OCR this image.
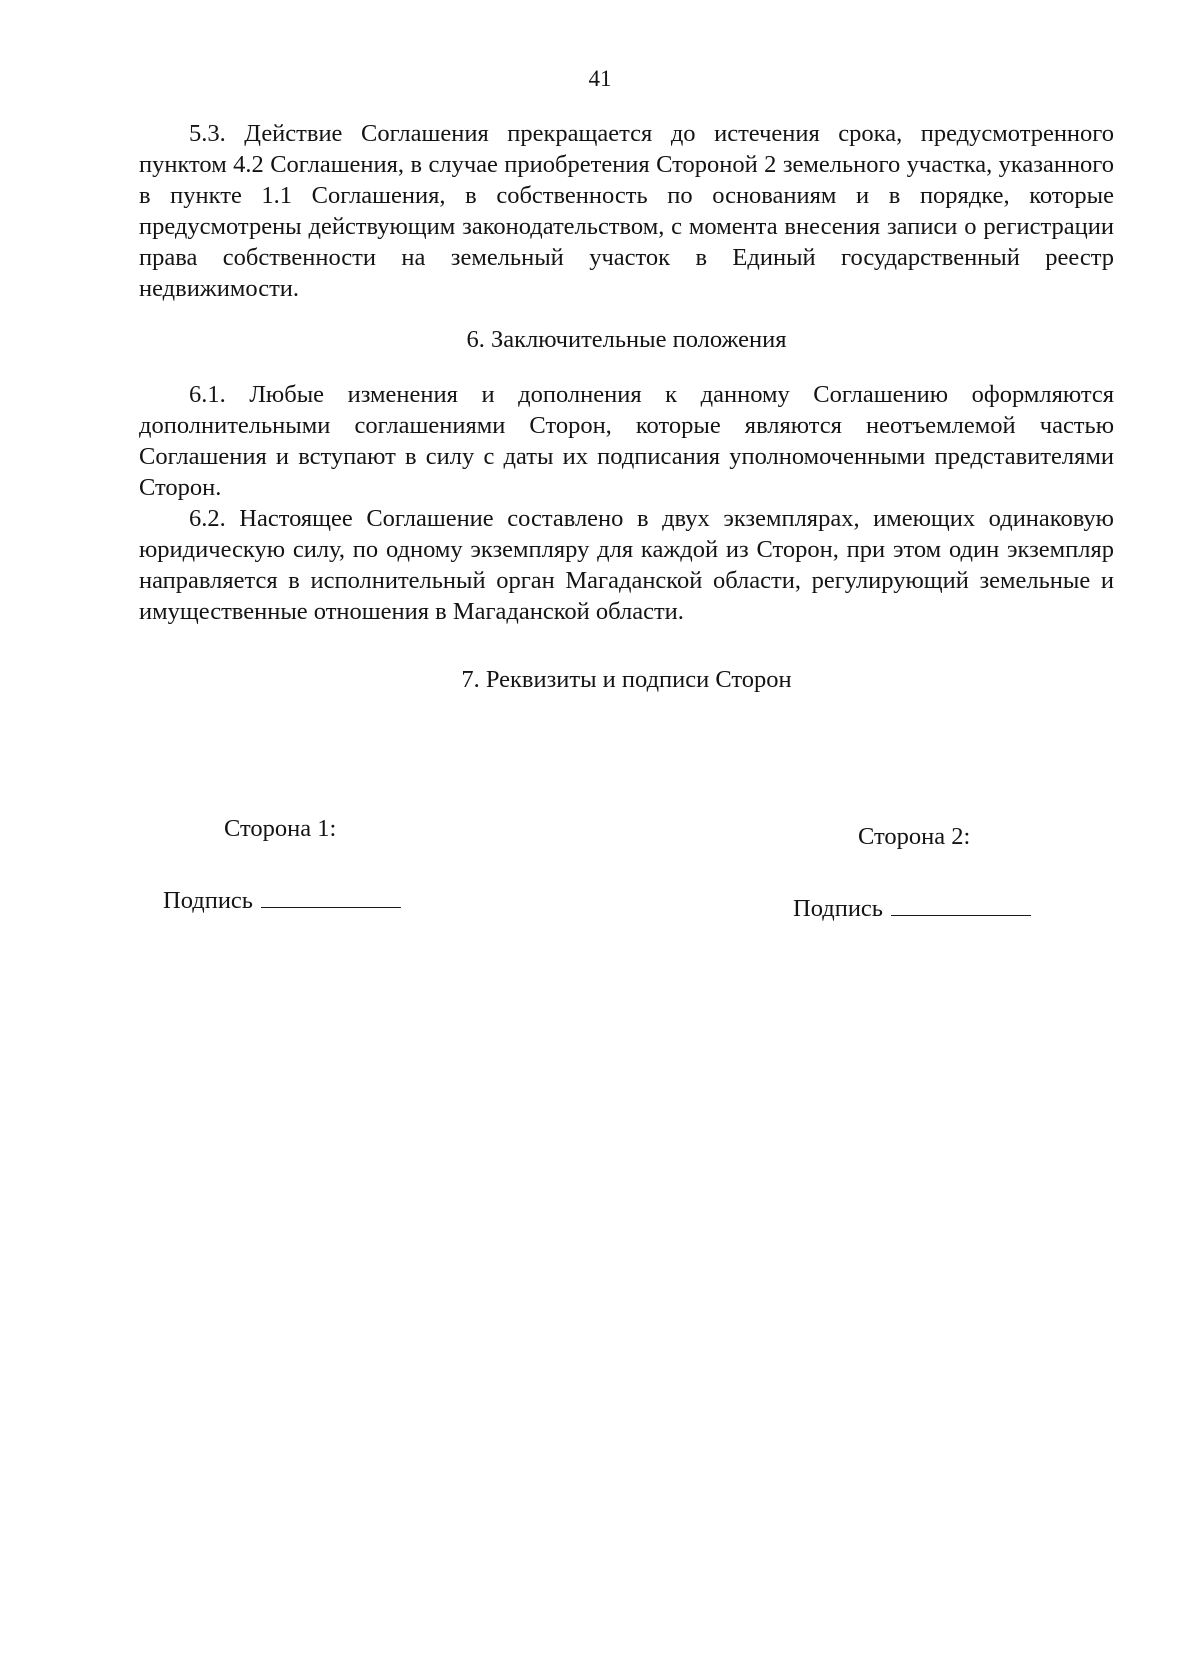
41

5.3. Действие Соглашения прекращается до истечения срока, предусмотренного пунктом 4.2 Соглашения, в случае приобретения Стороной 2 земельного участка, указанного в пункте 1.1 Соглашения, в собственность по основаниям и в порядке, которые предусмотрены действующим законодательством, с момента внесения записи о регистрации права собственности на земельный участок в Единый государственный реестр недвижимости.

6. Заключительные положения

6.1. Любые изменения и дополнения к данному Соглашению оформляются дополнительными соглашениями Сторон, которые являются неотъемлемой частью Соглашения и вступают в силу с даты их подписания уполномоченными представителями Сторон.

6.2. Настоящее Соглашение составлено в двух экземплярах, имеющих одинаковую юридическую силу, по одному экземпляру для каждой из Сторон, при этом один экземпляр направляется в исполнительный орган Магаданской области, регулирующий земельные и имущественные отношения в Магаданской области.

7. Реквизиты и подписи Сторон

Сторона 1:	Сторона 2:
Подпись	Подпись
